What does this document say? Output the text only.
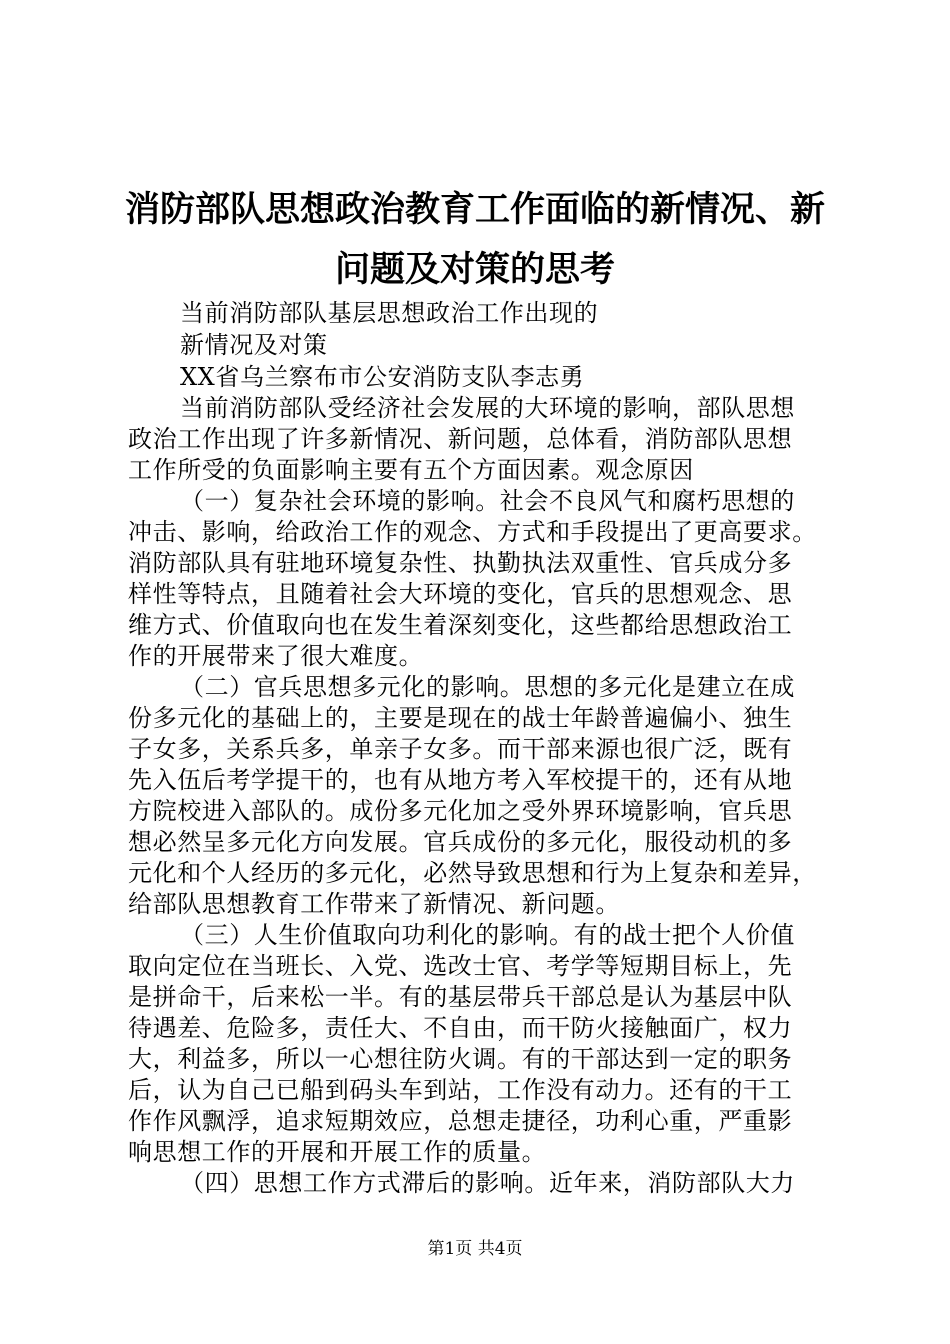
消防部队思想政治教育工作面临的新情况、新
问题及对策的思考
当前消防部队基层思想政治工作出现的
新情况及对策
XX省乌兰察布市公安消防支队李志勇
当前消防部队受经济社会发展的大环境的影响，部队思想
政治工作出现了许多新情况、新问题，总体看，消防部队思想
工作所受的负面影响主要有五个方面因素。观念原因
（一）复杂社会环境的影响。社会不良风气和腐朽思想的
冲击、影响，给政治工作的观念、方式和手段提出了更高要求。
消防部队具有驻地环境复杂性、执勤执法双重性、官兵成分多
样性等特点，且随着社会大环境的变化，官兵的思想观念、思
维方式、价值取向也在发生着深刻变化，这些都给思想政治工
作的开展带来了很大难度。
（二）官兵思想多元化的影响。思想的多元化是建立在成
份多元化的基础上的，主要是现在的战士年龄普遍偏小、独生
子女多，关系兵多，单亲子女多。而干部来源也很广泛，既有
先入伍后考学提干的，也有从地方考入军校提干的，还有从地
方院校进入部队的。成份多元化加之受外界环境影响，官兵思
想必然呈多元化方向发展。官兵成份的多元化，服役动机的多
元化和个人经历的多元化，必然导致思想和行为上复杂和差异，
给部队思想教育工作带来了新情况、新问题。
（三）人生价值取向功利化的影响。有的战士把个人价值
取向定位在当班长、入党、选改士官、考学等短期目标上，先
是拼命干，后来松一半。有的基层带兵干部总是认为基层中队
待遇差、危险多，责任大、不自由，而干防火接触面广，权力
大，利益多，所以一心想往防火调。有的干部达到一定的职务
后，认为自己已船到码头车到站，工作没有动力。还有的干工
作作风飘浮，追求短期效应，总想走捷径，功利心重，严重影
响思想工作的开展和开展工作的质量。
（四）思想工作方式滞后的影响。近年来，消防部队大力
第1页 共4页
